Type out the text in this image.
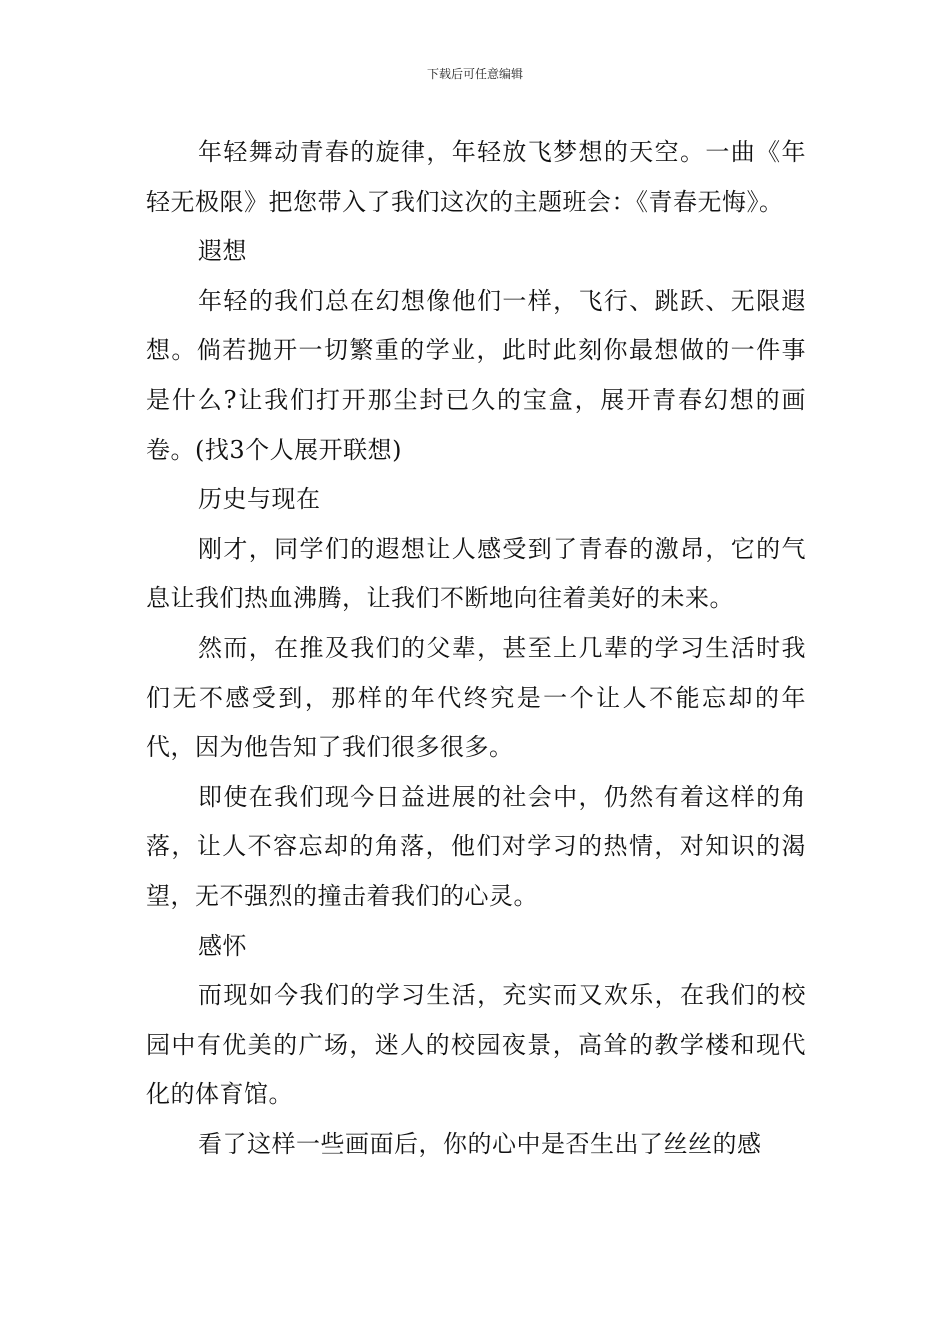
下载后可任意编辑

年轻舞动青春的旋律，年轻放飞梦想的天空。一曲《年轻无极限》把您带入了我们这次的主题班会：《青春无悔》。

遐想

年轻的我们总在幻想像他们一样，飞行、跳跃、无限遐想。倘若抛开一切繁重的学业，此时此刻你最想做的一件事是什么?让我们打开那尘封已久的宝盒，展开青春幻想的画卷。(找3个人展开联想)

历史与现在

刚才，同学们的遐想让人感受到了青春的激昂，它的气息让我们热血沸腾，让我们不断地向往着美好的未来。

然而，在推及我们的父辈，甚至上几辈的学习生活时我们无不感受到，那样的年代终究是一个让人不能忘却的年代，因为他告知了我们很多很多。

即使在我们现今日益进展的社会中，仍然有着这样的角落，让人不容忘却的角落，他们对学习的热情，对知识的渴望，无不强烈的撞击着我们的心灵。

感怀

而现如今我们的学习生活，充实而又欢乐，在我们的校园中有优美的广场，迷人的校园夜景，高耸的教学楼和现代化的体育馆。

看了这样一些画面后，你的心中是否生出了丝丝的感
